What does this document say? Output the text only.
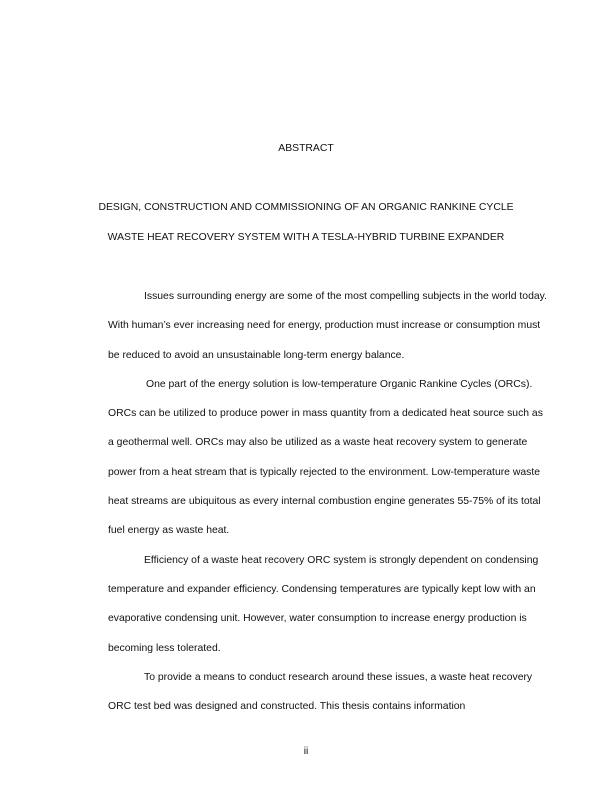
ABSTRACT
DESIGN, CONSTRUCTION AND COMMISSIONING OF AN ORGANIC RANKINE CYCLE
WASTE HEAT RECOVERY SYSTEM WITH A TESLA-HYBRID TURBINE EXPANDER

Issues surrounding energy are some of the most compelling subjects in the world today. With human’s ever increasing need for energy, production must increase or consumption must be reduced to avoid an unsustainable long-term energy balance.

One part of the energy solution is low-temperature Organic Rankine Cycles (ORCs). ORCs can be utilized to produce power in mass quantity from a dedicated heat source such as a geothermal well. ORCs may also be utilized as a waste heat recovery system to generate power from a heat stream that is typically rejected to the environment. Low-temperature waste heat streams are ubiquitous as every internal combustion engine generates 55-75% of its total fuel energy as waste heat.

Efficiency of a waste heat recovery ORC system is strongly dependent on condensing temperature and expander efficiency. Condensing temperatures are typically kept low with an evaporative condensing unit. However, water consumption to increase energy production is becoming less tolerated.

To provide a means to conduct research around these issues, a waste heat recovery ORC test bed was designed and constructed. This thesis contains information

ii
